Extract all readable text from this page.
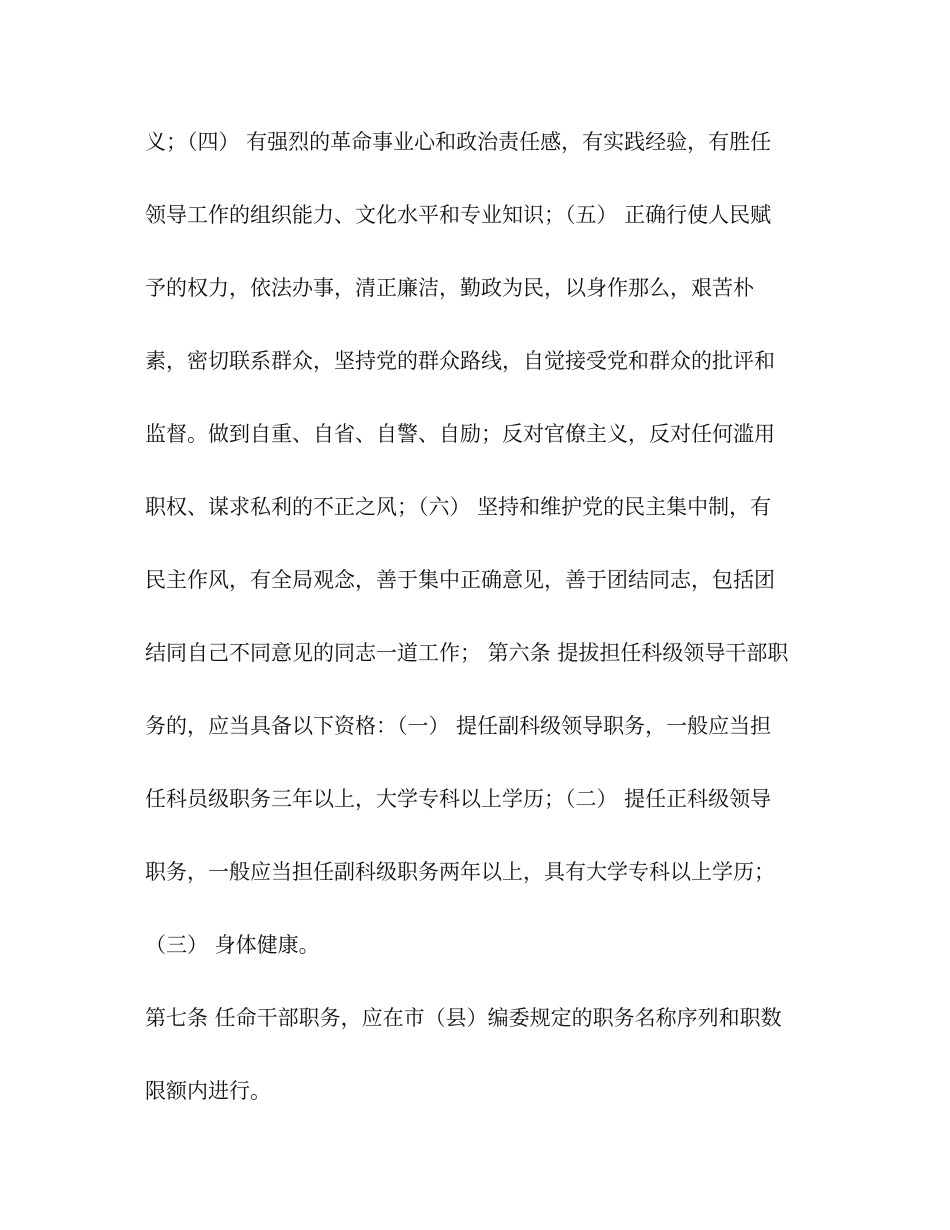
义；（四） 有强烈的革命事业心和政治责任感，有实践经验，有胜任
领导工作的组织能力、文化水平和专业知识；（五） 正确行使人民赋
予的权力，依法办事，清正廉洁，勤政为民，以身作那么，艰苦朴
素，密切联系群众，坚持党的群众路线，自觉接受党和群众的批评和
监督。做到自重、自省、自警、自励；反对官僚主义，反对任何滥用
职权、谋求私利的不正之风；（六） 坚持和维护党的民主集中制，有
民主作风，有全局观念，善于集中正确意见，善于团结同志，包括团
结同自己不同意见的同志一道工作； 第六条 提拔担任科级领导干部职
务的，应当具备以下资格：（一） 提任副科级领导职务，一般应当担
任科员级职务三年以上，大学专科以上学历；（二） 提任正科级领导
职务，一般应当担任副科级职务两年以上，具有大学专科以上学历；
（三） 身体健康。
第七条 任命干部职务，应在市（县）编委规定的职务名称序列和职数
限额内进行。
